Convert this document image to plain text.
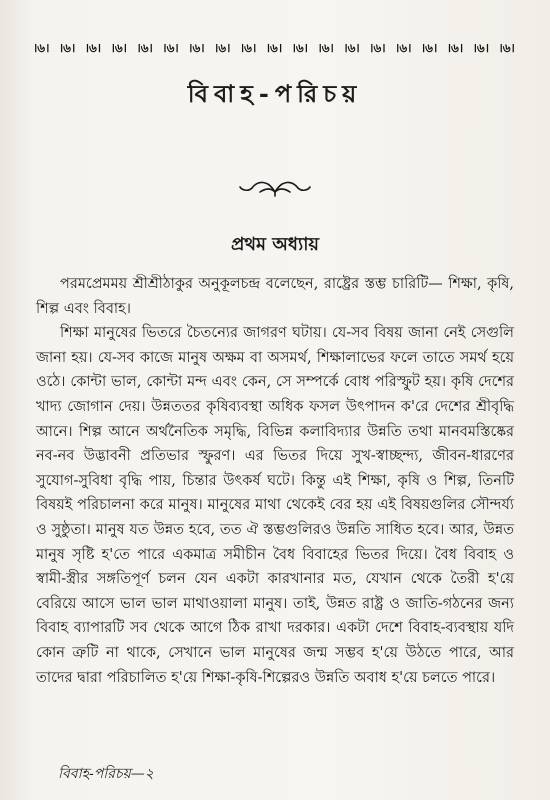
।৬। ।৬। ।৬। ।৬। ।৬। ।৬। ।৬। ।৬। ।৬। ।৬। ।৬। ।৬। ।৬। ।৬। ।৬। ।৬। ।৬। ।৬। ।৬।
বিবাহ-পরিচয়
প্রথম অধ্যায়

পরমপ্রেমময় শ্রীশ্রীঠাকুর অনুকূলচন্দ্র বলেছেন, রাষ্ট্রের স্তম্ভ চারিটি— শিক্ষা, কৃষি, শিল্প এবং বিবাহ।

শিক্ষা মানুষের ভিতরে চৈতন্যের জাগরণ ঘটায়। যে-সব বিষয় জানা নেই সেগুলি জানা হয়। যে-সব কাজে মানুষ অক্ষম বা অসমর্থ, শিক্ষালাভের ফলে তাতে সমর্থ হয়ে ওঠে। কোন্টা ভাল, কোন্টা মন্দ এবং কেন, সে সম্পর্কে বোধ পরিস্ফুট হয়। কৃষি দেশের খাদ্য জোগান দেয়। উন্নততর কৃষিব্যবস্থা অধিক ফসল উৎপাদন ক'রে দেশের শ্রীবৃদ্ধি আনে। শিল্প আনে অর্থনৈতিক সমৃদ্ধি, বিভিন্ন কলাবিদ্যার উন্নতি তথা মানবমস্তিষ্কের নব-নব উদ্ভাবনী প্রতিভার স্ফুরণ। এর ভিতর দিয়ে সুখ-স্বাচ্ছন্দ্য, জীবন-ধারণের সুযোগ-সুবিধা বৃদ্ধি পায়, চিন্তার উৎকর্ষ ঘটে। কিন্তু এই শিক্ষা, কৃষি ও শিল্প, তিনটি বিষয়ই পরিচালনা করে মানুষ। মানুষের মাথা থেকেই বের হয় এই বিষয়গুলির সৌন্দর্য্য ও সুষ্ঠুতা। মানুষ যত উন্নত হবে, তত ঐ স্তম্ভগুলিরও উন্নতি সাধিত হবে। আর, উন্নত মানুষ সৃষ্টি হ'তে পারে একমাত্র সমীচীন বৈধ বিবাহের ভিতর দিয়ে। বৈধ বিবাহ ও স্বামী-স্ত্রীর সঙ্গতিপূর্ণ চলন যেন একটা কারখানার মত, যেখান থেকে তৈরী হ'য়ে বেরিয়ে আসে ভাল ভাল মাথাওয়ালা মানুষ। তাই, উন্নত রাষ্ট্র ও জাতি-গঠনের জন্য বিবাহ ব্যাপারটি সব থেকে আগে ঠিক রাখা দরকার। একটা দেশে বিবাহ-ব্যবস্থায় যদি কোন ত্রুটি না থাকে, সেখানে ভাল মানুষের জন্ম সম্ভব হ'য়ে উঠতে পারে, আর তাদের দ্বারা পরিচালিত হ'য়ে শিক্ষা-কৃষি-শিল্পেরও উন্নতি অবাধ হ'য়ে চলতে পারে।

বিবাহ-পরিচয়—২
